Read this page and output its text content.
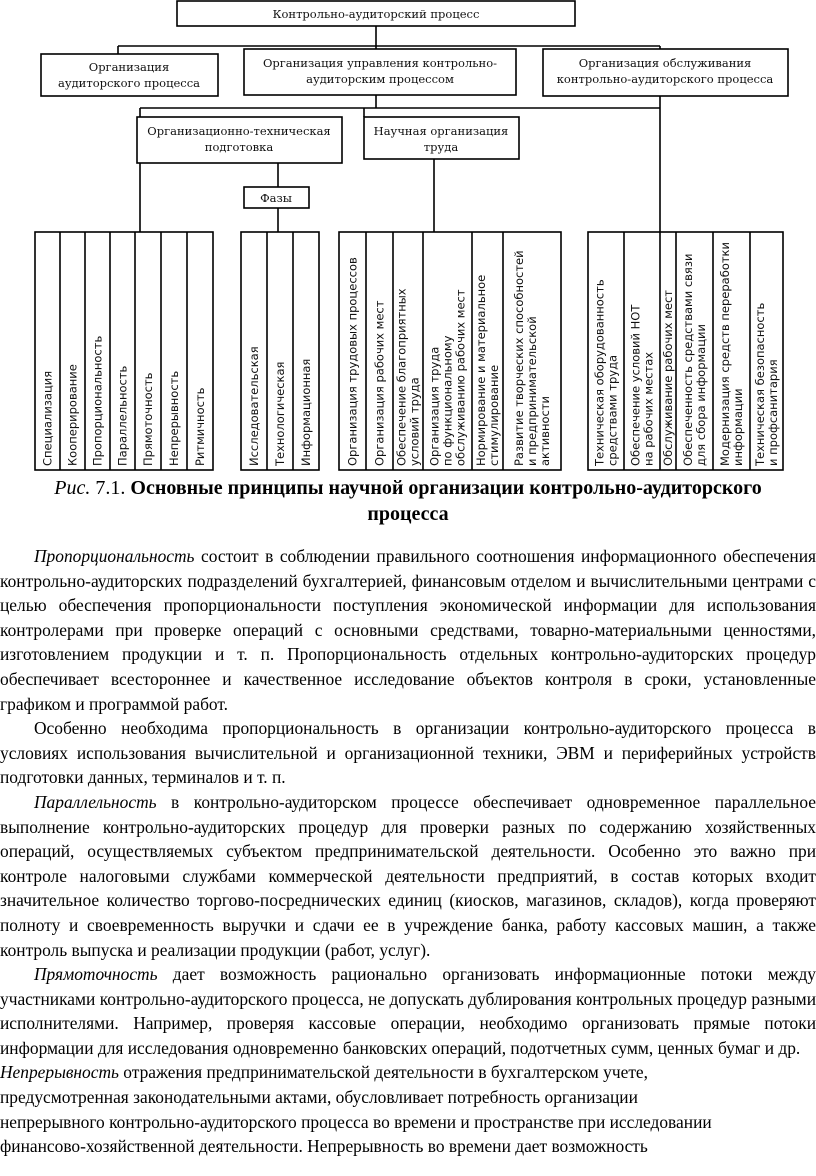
Контрольно-аудиторский процесс
Организация
аудиторского процесса
Организация управления контрольно-
аудиторским процессом
Организация обслуживания
контрольно-аудиторского процесса
Организационно-техническая
подготовка
Научная организация
труда
Фазы
Специализация Кооперирование Пропорциональность Параллельность Прямоточность Непрерывность Ритмичность	Исследовательская Технологическая Информационная	Организация трудовых процессов Организация рабочих мест Обеспечение благоприятных условий труда Организация труда по функциональному обслуживанию рабочих мест Нормирование и материальное стимулирование Развитие творческих способностей и предпринимательской активности	Техническая оборудованность средствами труда Обеспечение условий НОТ на рабочих местах Обслуживание рабочих мест Обеспеченность средствами связи для сбора информации Модернизация средств переработки информации Техническая безопасность и профсанитария
Рис. 7.1. Основные принципы научной организации контрольно-аудиторского процесса

Пропорциональность состоит в соблюдении правильного соотношения информационного обеспечения контрольно-аудиторских подразделений бухгалтерией, финансовым отделом и вычислительными центрами с целью обеспечения пропорциональности поступления экономической информации для использования контролерами при проверке операций с основными средствами, товарно-материальными ценностями, изготовлением продукции и т. п. Пропорциональность отдельных контрольно-аудиторских процедур обеспечивает всестороннее и качественное исследование объектов контроля в сроки, установленные графиком и программой работ.

Особенно необходима пропорциональность в организации контрольно-аудиторского процесса в условиях использования вычислительной и организационной техники, ЭВМ и периферийных устройств подготовки данных, терминалов и т. п.

Параллельность в контрольно-аудиторском процессе обеспечивает одновременное параллельное выполнение контрольно-аудиторских процедур для проверки разных по содержанию хозяйственных операций, осуществляемых субъектом предпринимательской деятельности. Особенно это важно при контроле налоговыми службами коммерческой деятельности предприятий, в состав которых входит значительное количество торгово-посреднических единиц (киосков, магазинов, складов), когда проверяют полноту и своевременность выручки и сдачи ее в учреждение банка, работу кассовых машин, а также контроль выпуска и реализации продукции (работ, услуг).

Прямоточность дает возможность рационально организовать информационные потоки между участниками контрольно-аудиторского процесса, не допускать дублирования контрольных процедур разными исполнителями. Например, проверяя кассовые операции, необходимо организовать прямые потоки информации для исследования одновременно банковских операций, подотчетных сумм, ценных бумаг и др.

Непрерывность отражения предпринимательской деятельности в бухгалтерском учете,
предусмотренная законодательными актами, обусловливает потребность организации
непрерывного контрольно-аудиторского процесса во времени и пространстве при исследовании
финансово-хозяйственной деятельности. Непрерывность во времени дает возможность
